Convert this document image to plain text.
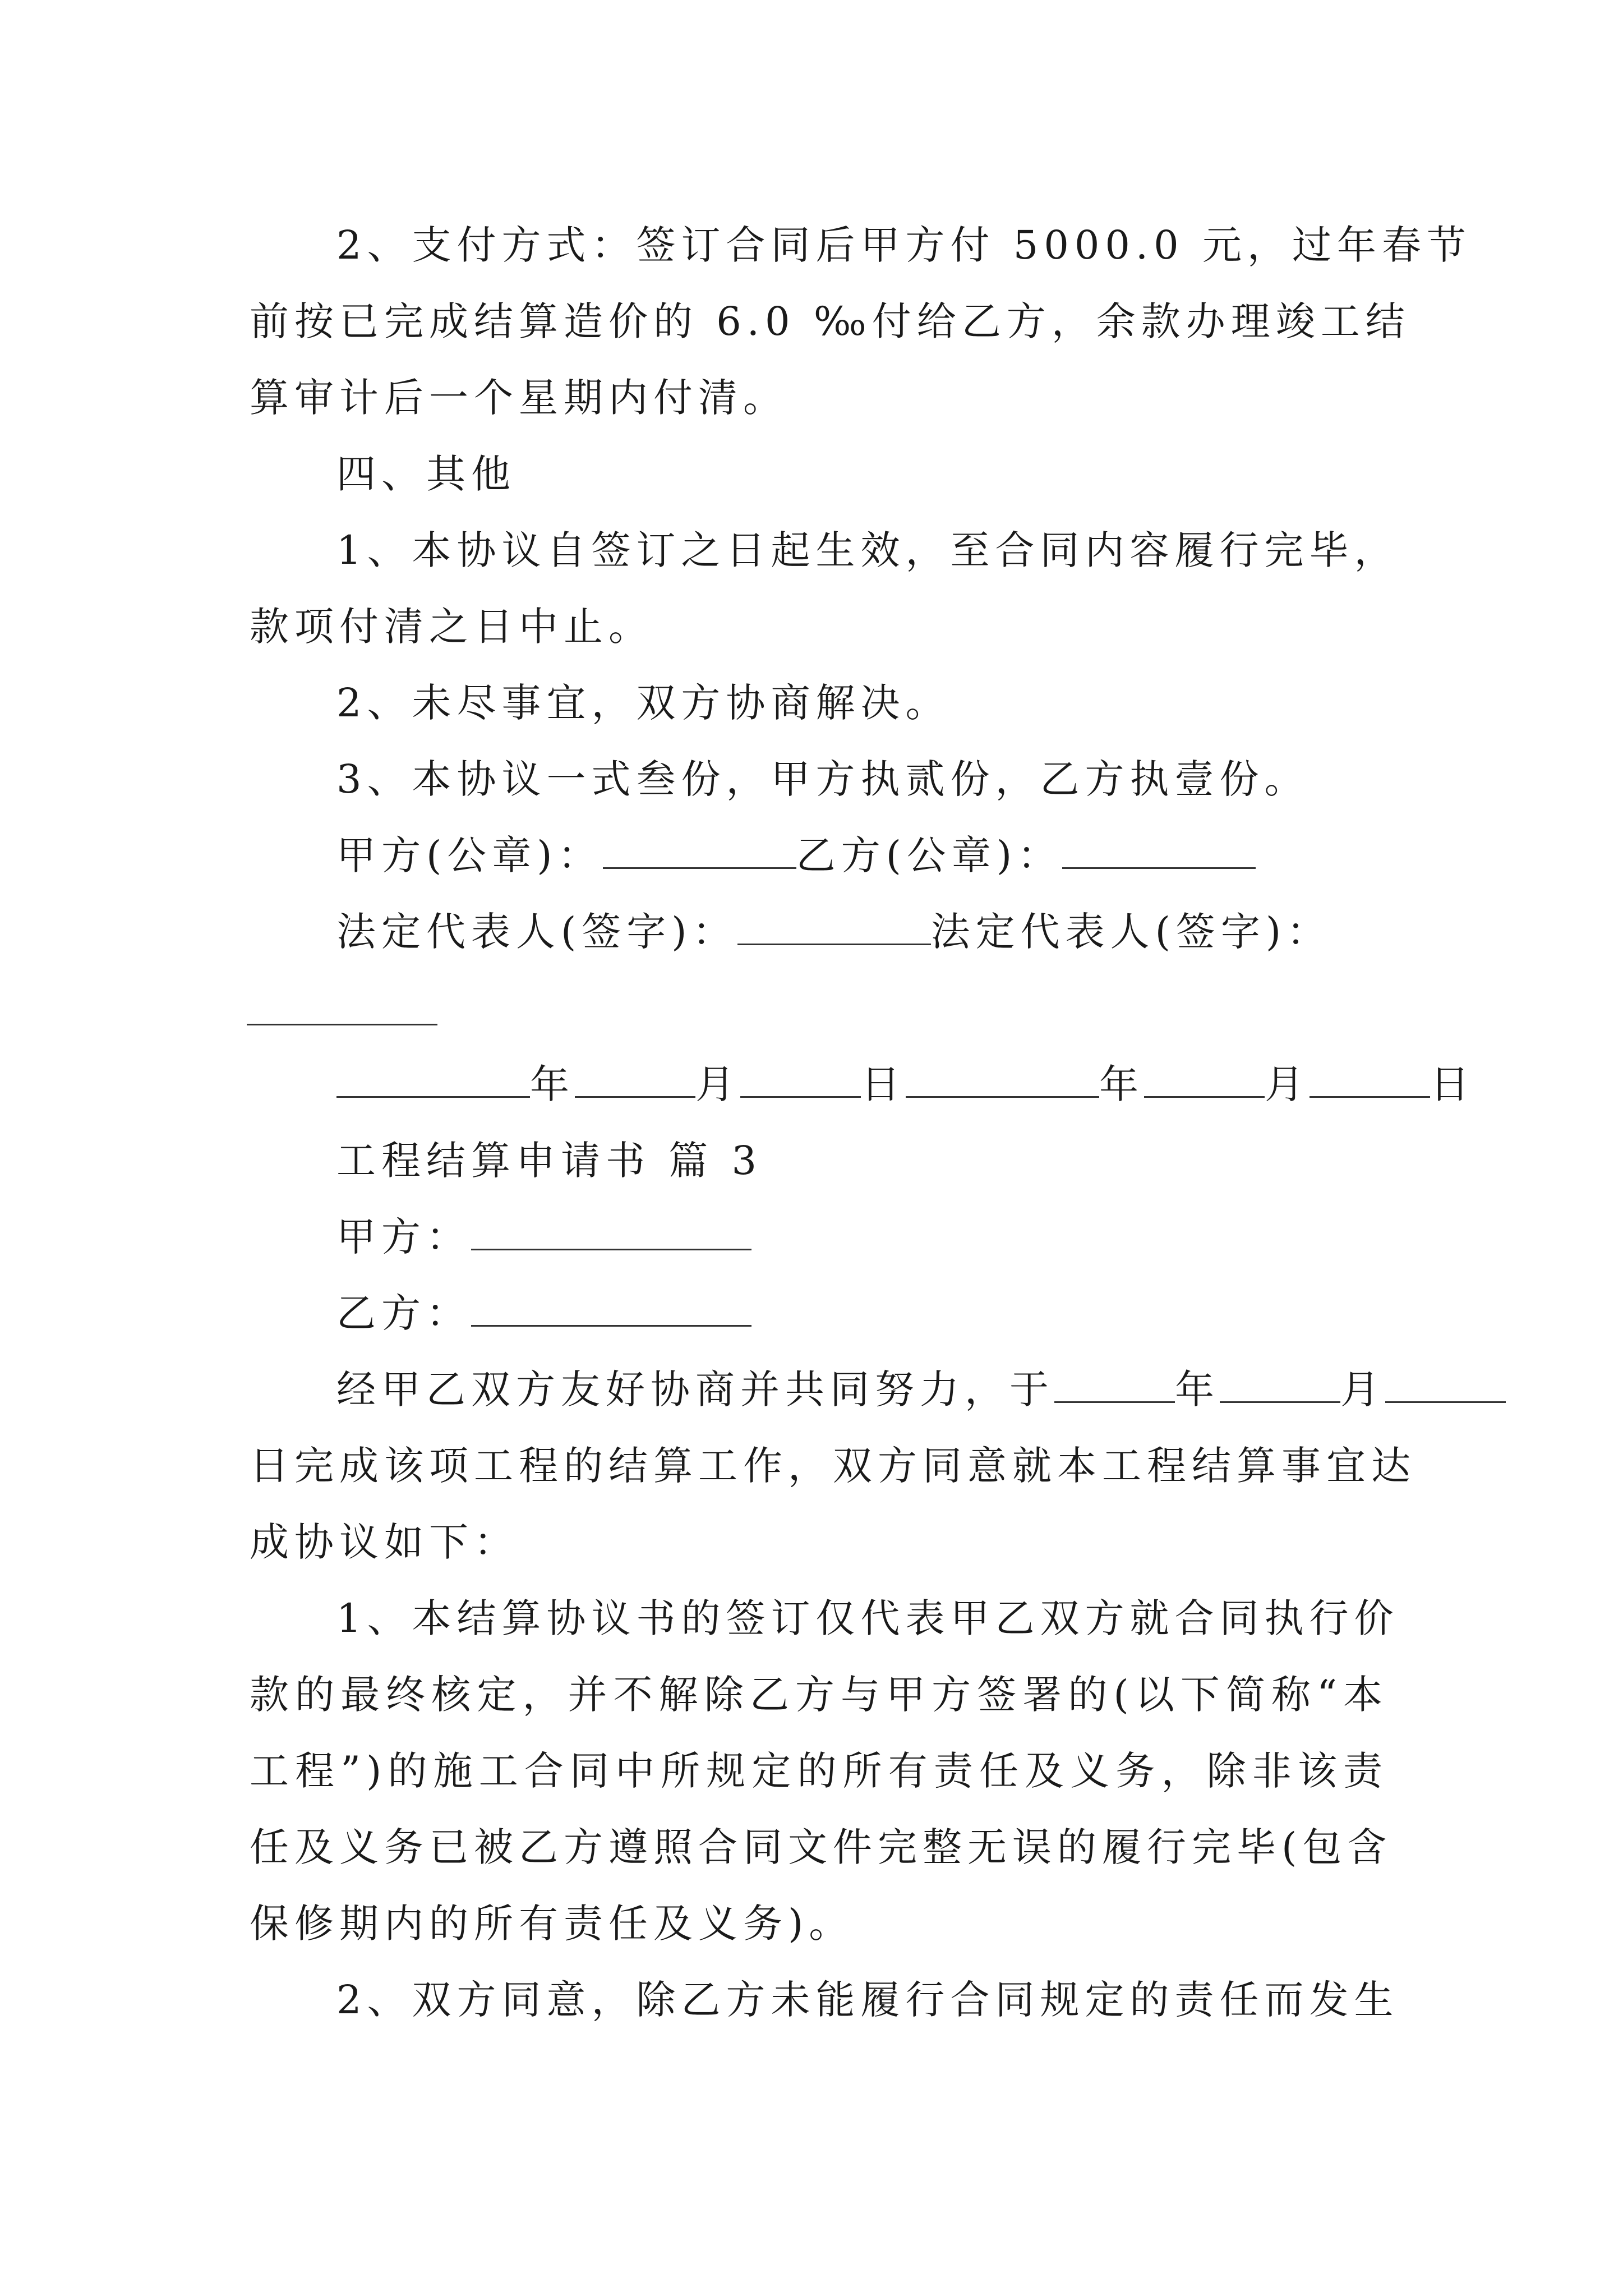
2、支付方式：签订合同后甲方付 5000.0 元，过年春节
前按已完成结算造价的 6.0 ‰付给乙方，余款办理竣工结
算审计后一个星期内付清。
四、其他
1、本协议自签订之日起生效，至合同内容履行完毕，
款项付清之日中止。
2、未尽事宜，双方协商解决。
3、本协议一式叁份，甲方执贰份，乙方执壹份。
甲方(公章)：	乙方(公章)：
法定代表人(签字)：	法定代表人(签字)：
年	月	日	年	月	日
工程结算申请书 篇 3
甲方：
乙方：
经甲乙双方友好协商并共同努力，于	年	月
日完成该项工程的结算工作，双方同意就本工程结算事宜达
成协议如下：
1、本结算协议书的签订仅代表甲乙双方就合同执行价
款的最终核定，并不解除乙方与甲方签署的(以下简称“本
工程”)的施工合同中所规定的所有责任及义务，除非该责
任及义务已被乙方遵照合同文件完整无误的履行完毕(包含
保修期内的所有责任及义务)。
2、双方同意，除乙方未能履行合同规定的责任而发生
